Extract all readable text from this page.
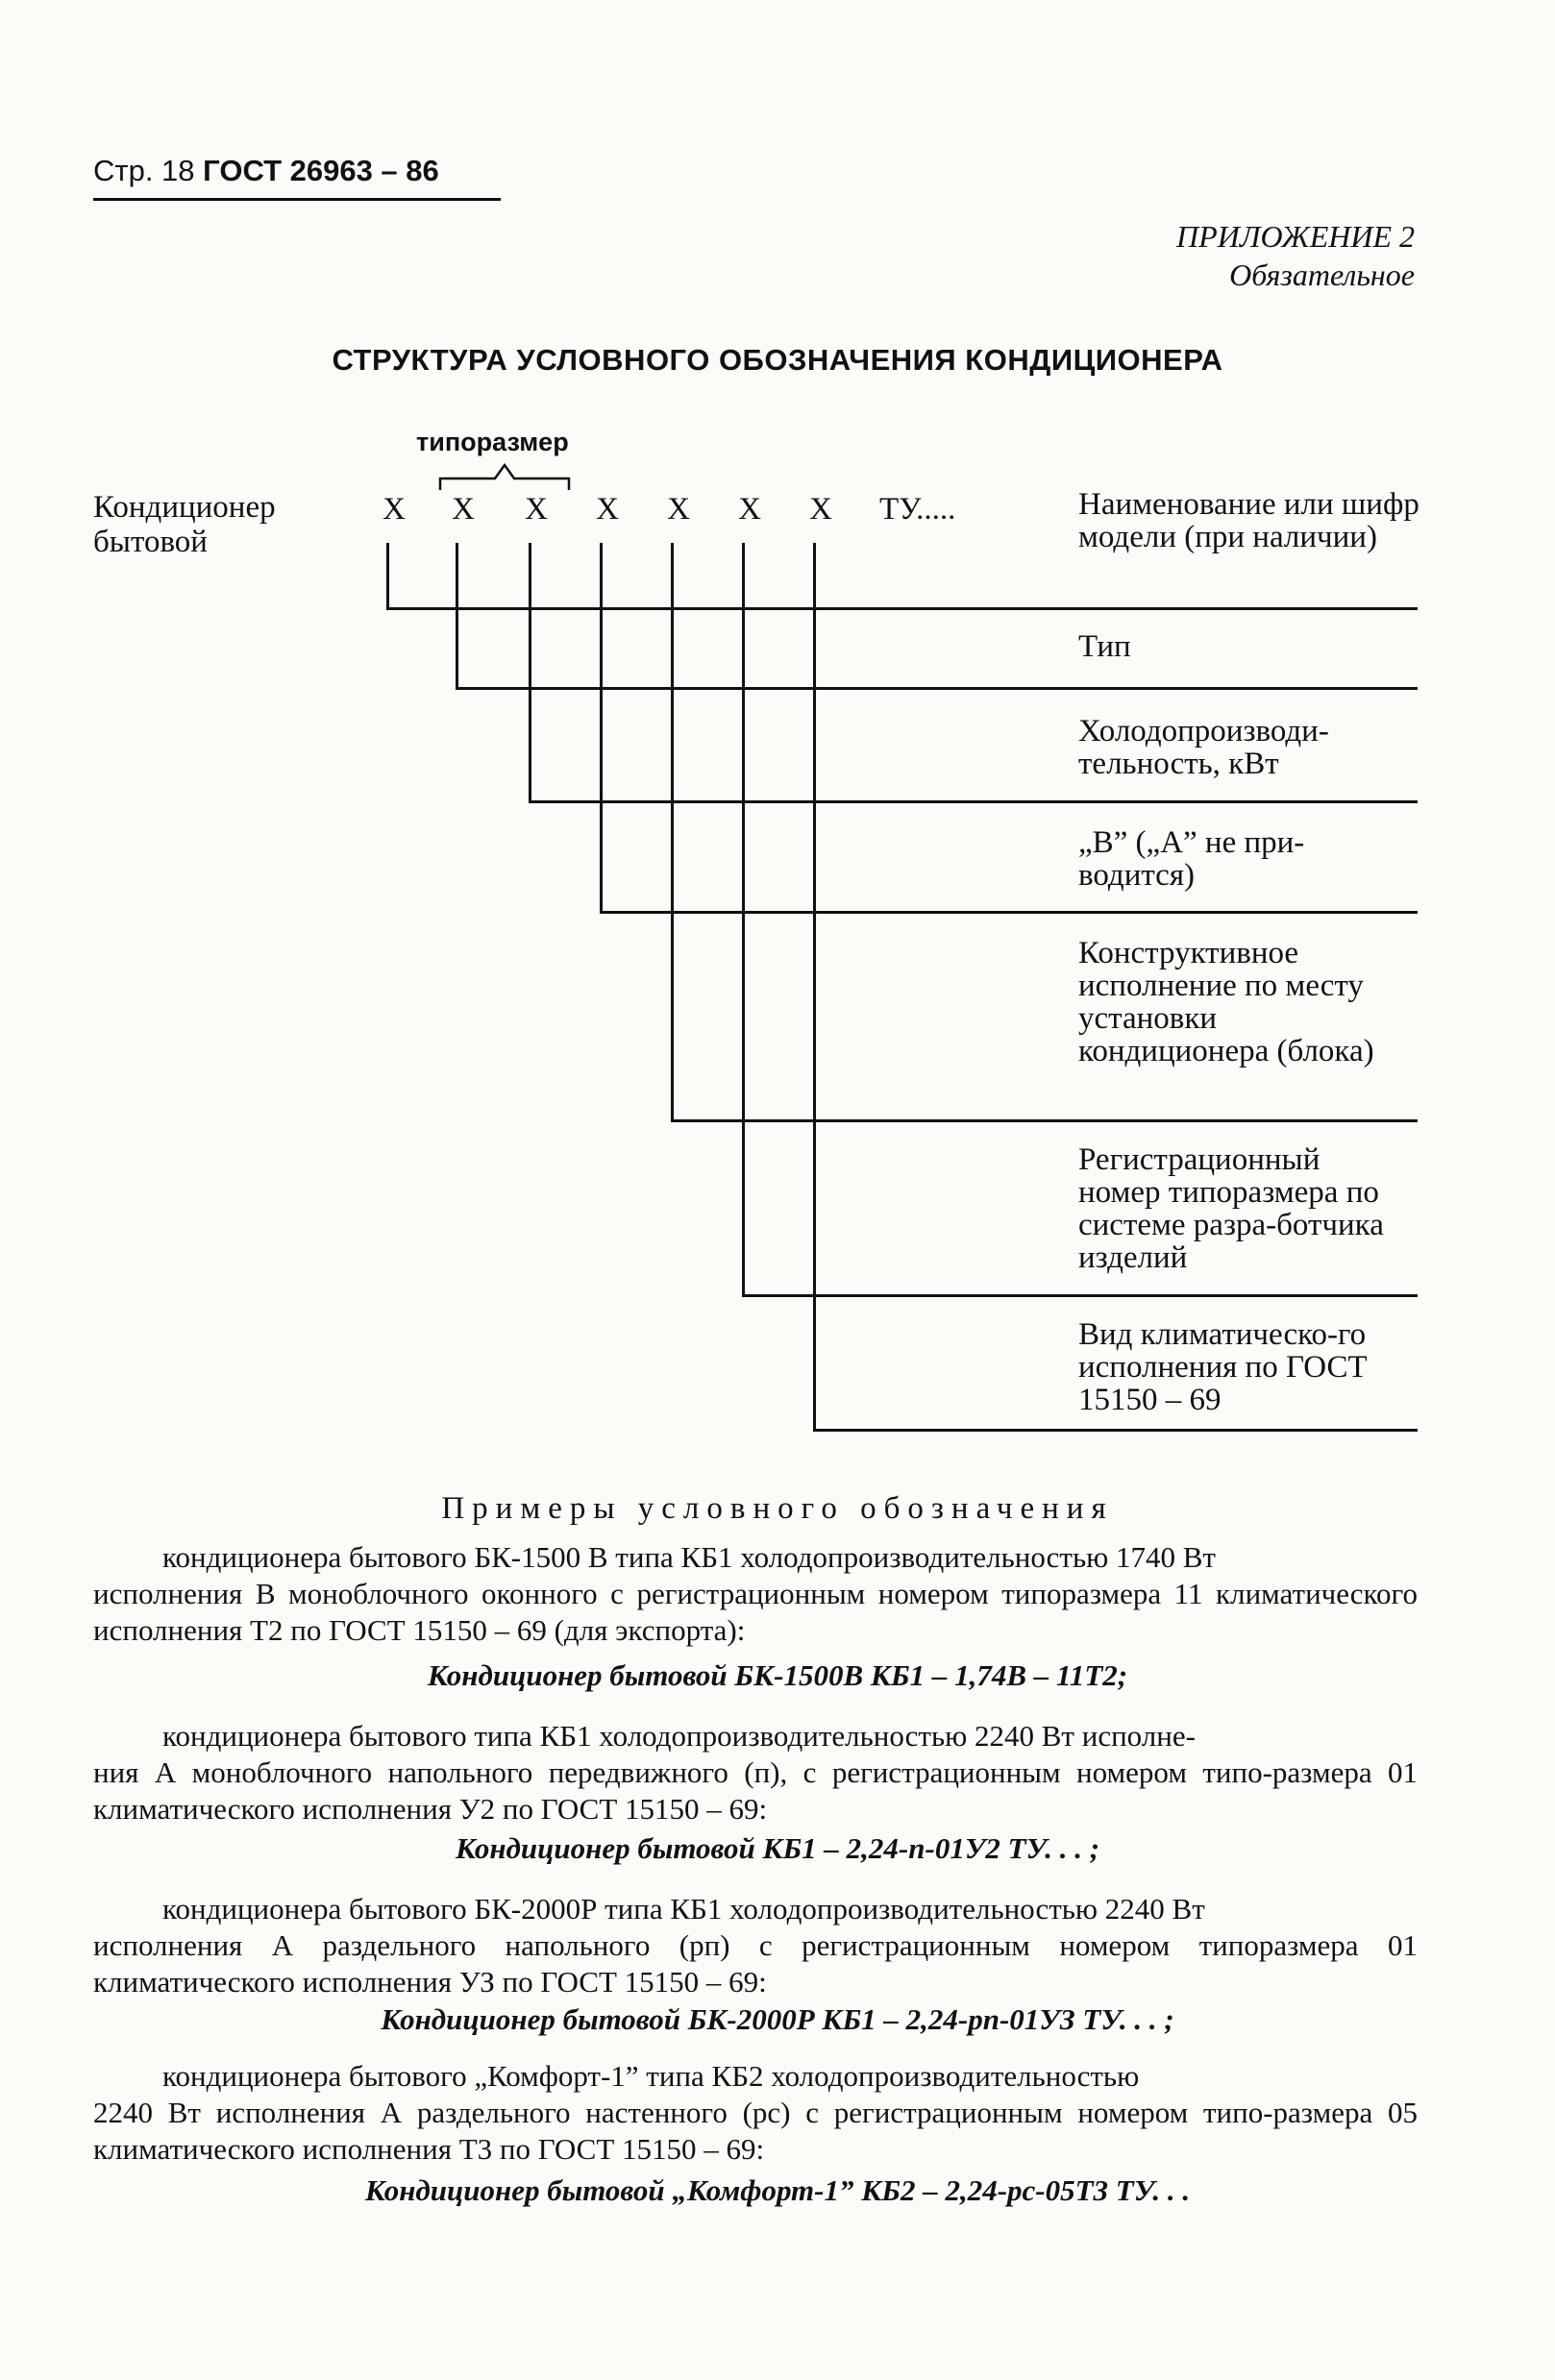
Стр. 18 ГОСТ 26963 – 86
ПРИЛОЖЕНИЕ 2
Обязательное
СТРУКТУРА УСЛОВНОГО ОБОЗНАЧЕНИЯ КОНДИЦИОНЕРА
типоразмер
Кондиционер
бытовой
X X X X X X X ТУ.....	Наименование или шифр модели (при наличии)
Тип
Холодопроизводи-тельность, кВт
„В” („А” не при-водится)
Конструктивное исполнение по месту установки кондиционера (блока)
Регистрационный номер типоразмера по системе разра-ботчика изделий
Вид климатическо-го исполнения по ГОСТ 15150 – 69
Примеры условного обозначения
кондиционера бытового БК-1500 В типа КБ1 холодопроизводительностью 1740 Вт
исполнения В моноблочного оконного с регистрационным номером типоразмера 11 климатического исполнения Т2 по ГОСТ 15150 – 69 (для экспорта):
Кондиционер бытовой БК-1500В КБ1 – 1,74В – 11Т2;
кондиционера бытового типа КБ1 холодопроизводительностью 2240 Вт исполне-
ния А моноблочного напольного передвижного (п), с регистрационным номером типо-размера 01 климатического исполнения У2 по ГОСТ 15150 – 69:
Кондиционер бытовой КБ1 – 2,24-п-01У2 ТУ. . . ;
кондиционера бытового БК-2000Р типа КБ1 холодопроизводительностью 2240 Вт
исполнения А раздельного напольного (рп) с регистрационным номером типоразмера 01 климатического исполнения УЗ по ГОСТ 15150 – 69:
Кондиционер бытовой БК-2000Р КБ1 – 2,24-рп-01УЗ ТУ. . . ;
кондиционера бытового „Комфорт-1” типа КБ2 холодопроизводительностью
2240 Вт исполнения А раздельного настенного (рс) с регистрационным номером типо-размера 05 климатического исполнения Т3 по ГОСТ 15150 – 69:
Кондиционер бытовой „Комфорт-1” КБ2 – 2,24-рс-05Т3 ТУ. . .
